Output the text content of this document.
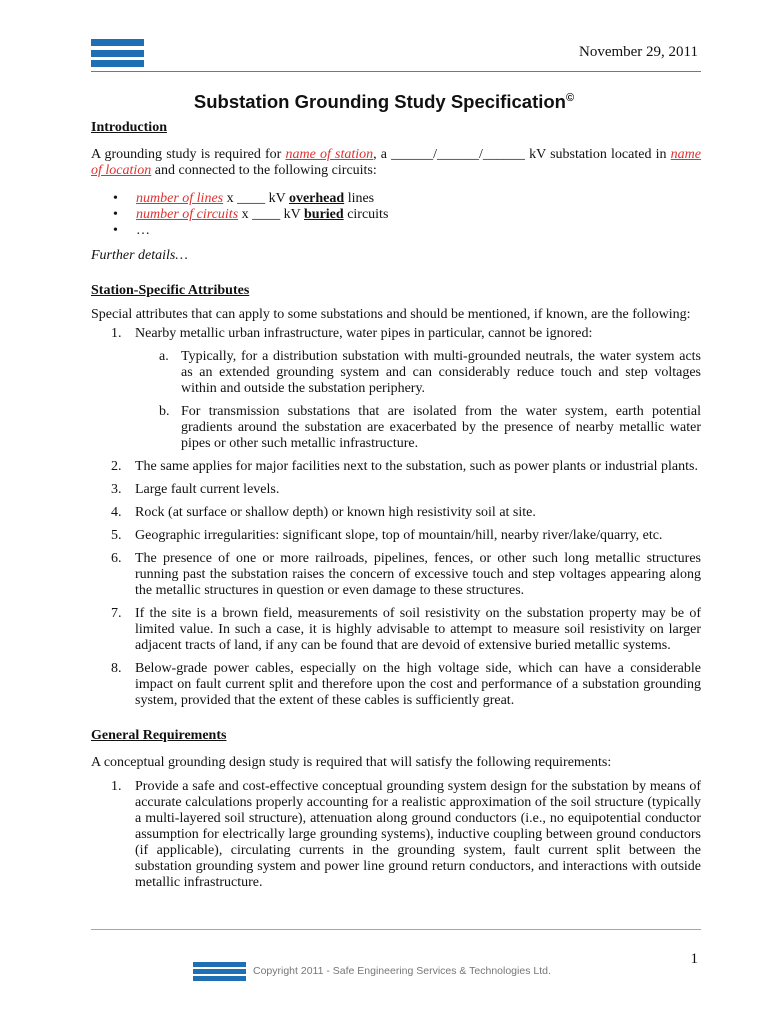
November 29, 2011
Substation Grounding Study Specification©

Introduction

A grounding study is required for name of station, a ______/______/______ kV substation located in name of location and connected to the following circuits:

• number of lines x ____ kV overhead lines
• number of circuits x ____ kV buried circuits
• …

Further details…

Station-Specific Attributes

Special attributes that can apply to some substations and should be mentioned, if known, are the following:

1. Nearby metallic urban infrastructure, water pipes in particular, cannot be ignored:
a. Typically, for a distribution substation with multi-grounded neutrals, the water system acts as an extended grounding system and can considerably reduce touch and step voltages within and outside the substation periphery.
b. For transmission substations that are isolated from the water system, earth potential gradients around the substation are exacerbated by the presence of nearby metallic water pipes or other such metallic infrastructure.
2. The same applies for major facilities next to the substation, such as power plants or industrial plants.
3. Large fault current levels.
4. Rock (at surface or shallow depth) or known high resistivity soil at site.
5. Geographic irregularities: significant slope, top of mountain/hill, nearby river/lake/quarry, etc.
6. The presence of one or more railroads, pipelines, fences, or other such long metallic structures running past the substation raises the concern of excessive touch and step voltages appearing along the metallic structures in question or even damage to these structures.
7. If the site is a brown field, measurements of soil resistivity on the substation property may be of limited value. In such a case, it is highly advisable to attempt to measure soil resistivity on larger adjacent tracts of land, if any can be found that are devoid of extensive buried metallic systems.
8. Below-grade power cables, especially on the high voltage side, which can have a considerable impact on fault current split and therefore upon the cost and performance of a substation grounding system, provided that the extent of these cables is sufficiently great.

General Requirements

A conceptual grounding design study is required that will satisfy the following requirements:

1. Provide a safe and cost-effective conceptual grounding system design for the substation by means of accurate calculations properly accounting for a realistic approximation of the soil structure (typically a multi-layered soil structure), attenuation along ground conductors (i.e., no equipotential conductor assumption for electrically large grounding systems), inductive coupling between ground conductors (if applicable), circulating currents in the grounding system, fault current split between the substation grounding system and power line ground return conductors, and interactions with outside metallic infrastructure.
1
Copyright 2011 - Safe Engineering Services & Technologies Ltd.
